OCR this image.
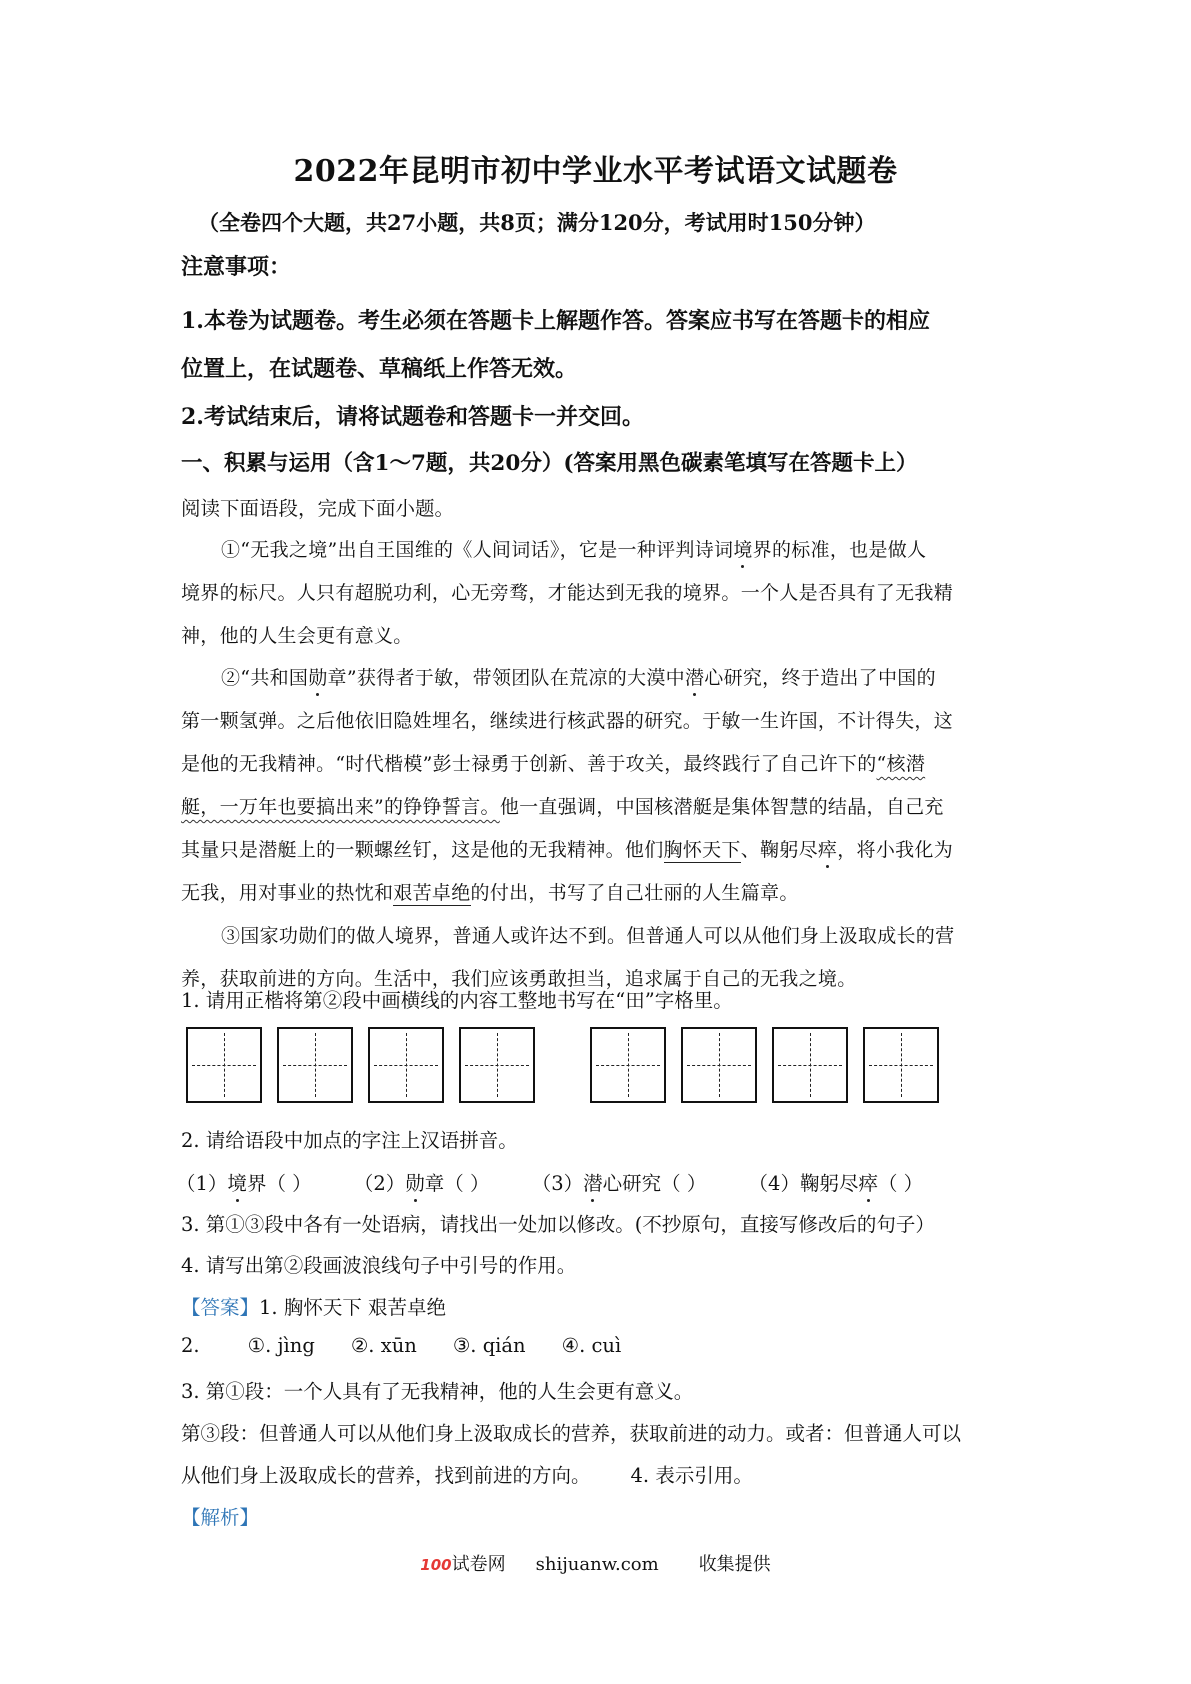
2022年昆明市初中学业水平考试语文试题卷
（全卷四个大题，共27小题，共8页；满分120分，考试用时150分钟）
注意事项：
1.本卷为试题卷。考生必须在答题卡上解题作答。答案应书写在答题卡的相应
位置上，在试题卷、草稿纸上作答无效。
2.考试结束后，请将试题卷和答题卡一并交回。
一、积累与运用（含1～7题，共20分）(答案用黑色碳素笔填写在答题卡上）
阅读下面语段，完成下面小题。
①“无我之境”出自王国维的《人间词话》，它是一种评判诗词境界的标准，也是做人
境界的标尺。人只有超脱功利，心无旁骛，才能达到无我的境界。一个人是否具有了无我精
神，他的人生会更有意义。
②“共和国勋章”获得者于敏，带领团队在荒凉的大漠中潜心研究，终于造出了中国的
第一颗氢弹。之后他依旧隐姓埋名，继续进行核武器的研究。于敏一生许国，不计得失，这
是他的无我精神。“时代楷模”彭士禄勇于创新、善于攻关，最终践行了自己许下的“核潜
艇，一万年也要搞出来”的铮铮誓言。他一直强调，中国核潜艇是集体智慧的结晶，自己充
其量只是潜艇上的一颗螺丝钉，这是他的无我精神。他们胸怀天下、鞠躬尽瘁，将小我化为
无我，用对事业的热忱和艰苦卓绝的付出，书写了自己壮丽的人生篇章。
③国家功勋们的做人境界，普通人或许达不到。但普通人可以从他们身上汲取成长的营
养，获取前进的方向。生活中，我们应该勇敢担当，追求属于自己的无我之境。
1. 请用正楷将第②段中画横线的内容工整地书写在“田”字格里。
2. 请给语段中加点的字注上汉语拼音。
（1）境界（ ） （2）勋章（ ） （3）潜心研究（ ） （4）鞠躬尽瘁（ ）
3. 第①③段中各有一处语病，请找出一处加以修改。(不抄原句，直接写修改后的句子）
4. 请写出第②段画波浪线句子中引号的作用。
【答案】1. 胸怀天下 艰苦卓绝
2. ①. jìng ②. xūn ③. qián ④. cuì
3. 第①段：一个人具有了无我精神，他的人生会更有意义。
第③段：但普通人可以从他们身上汲取成长的营养，获取前进的动力。或者：但普通人可以
从他们身上汲取成长的营养，找到前进的方向。 4. 表示引用。
【解析】
100试卷网 shijuanw.com 收集提供
